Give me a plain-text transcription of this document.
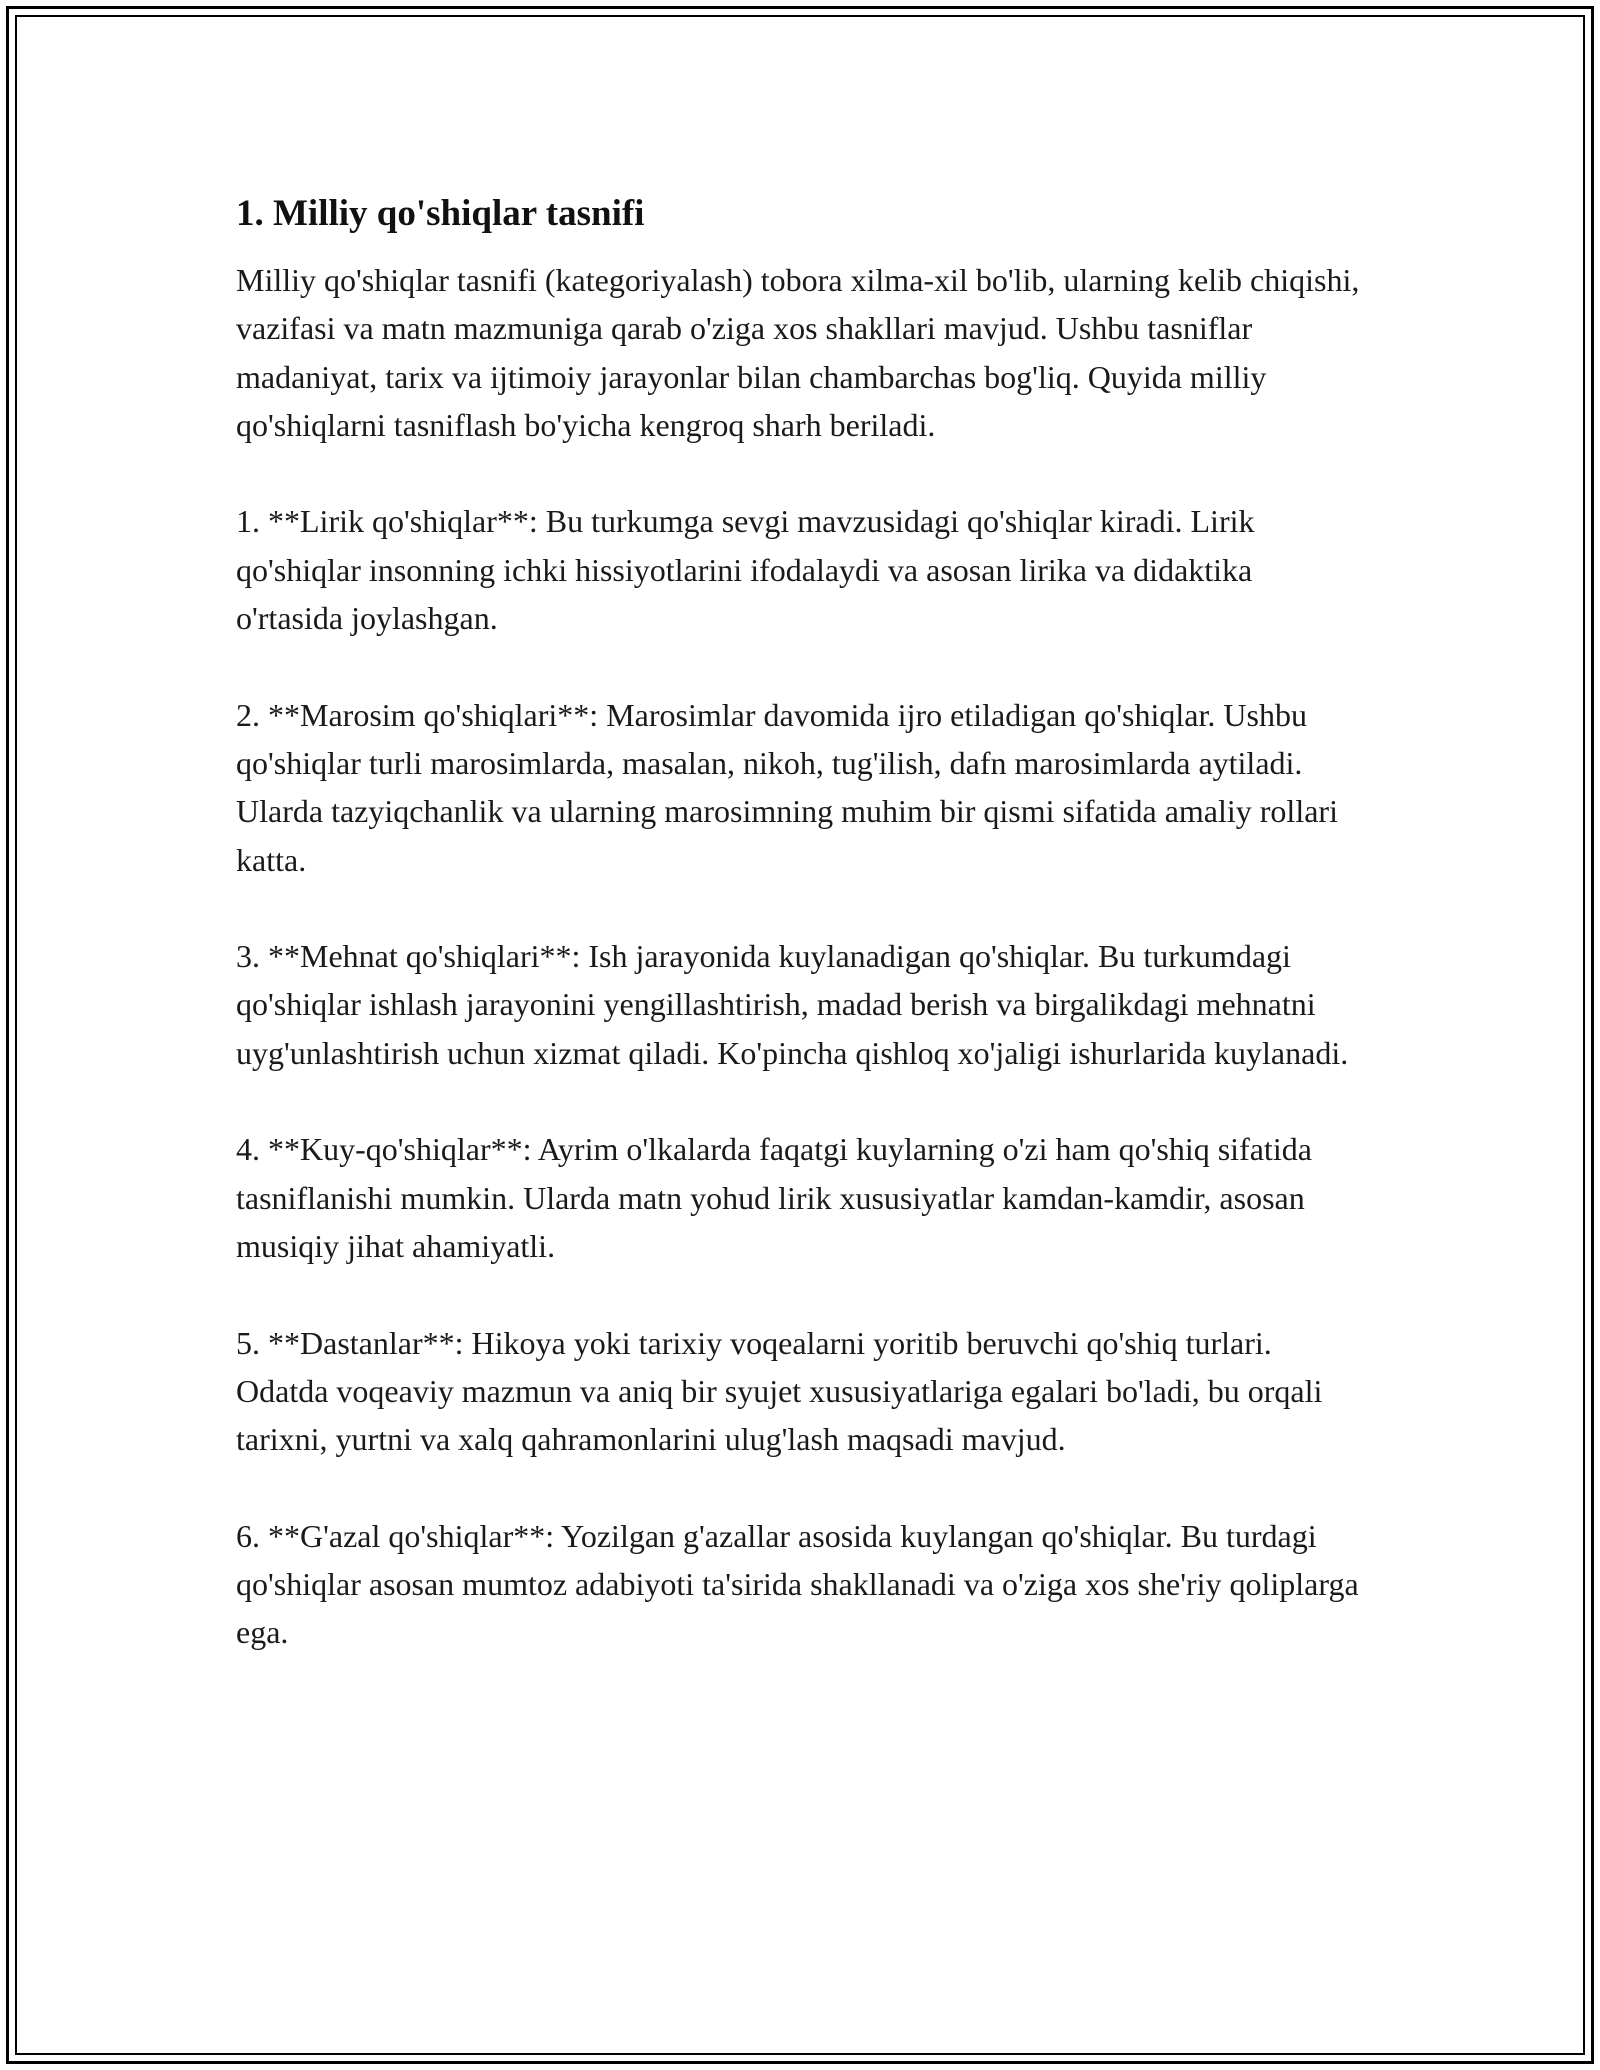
1. Milliy qo'shiqlar tasnifi

Milliy qo'shiqlar tasnifi (kategoriyalash) tobora xilma-xil bo'lib, ularning kelib chiqishi, vazifasi va matn mazmuniga qarab o'ziga xos shakllari mavjud. Ushbu tasniflar madaniyat, tarix va ijtimoiy jarayonlar bilan chambarchas bog'liq. Quyida milliy qo'shiqlarni tasniflash bo'yicha kengroq sharh beriladi.

1. **Lirik qo'shiqlar**: Bu turkumga sevgi mavzusidagi qo'shiqlar kiradi. Lirik qo'shiqlar insonning ichki hissiyotlarini ifodalaydi va asosan lirika va didaktika o'rtasida joylashgan.

2. **Marosim qo'shiqlari**: Marosimlar davomida ijro etiladigan qo'shiqlar. Ushbu qo'shiqlar turli marosimlarda, masalan, nikoh, tug'ilish, dafn marosimlarda aytiladi. Ularda tazyiqchanlik va ularning marosimning muhim bir qismi sifatida amaliy rollari katta.

3. **Mehnat qo'shiqlari**: Ish jarayonida kuylanadigan qo'shiqlar. Bu turkumdagi qo'shiqlar ishlash jarayonini yengillashtirish, madad berish va birgalikdagi mehnatni uyg'unlashtirish uchun xizmat qiladi. Ko'pincha qishloq xo'jaligi ishurlarida kuylanadi.

4. **Kuy-qo'shiqlar**: Ayrim o'lkalarda faqatgi kuylarning o'zi ham qo'shiq sifatida tasniflanishi mumkin. Ularda matn yohud lirik xususiyatlar kamdan-kamdir, asosan musiqiy jihat ahamiyatli.

5. **Dastanlar**: Hikoya yoki tarixiy voqealarni yoritib beruvchi qo'shiq turlari. Odatda voqeaviy mazmun va aniq bir syujet xususiyatlariga egalari bo'ladi, bu orqali tarixni, yurtni va xalq qahramonlarini ulug'lash maqsadi mavjud.

6. **G'azal qo'shiqlar**: Yozilgan g'azallar asosida kuylangan qo'shiqlar. Bu turdagi qo'shiqlar asosan mumtoz adabiyoti ta'sirida shakllanadi va o'ziga xos she'riy qoliplarga ega.
